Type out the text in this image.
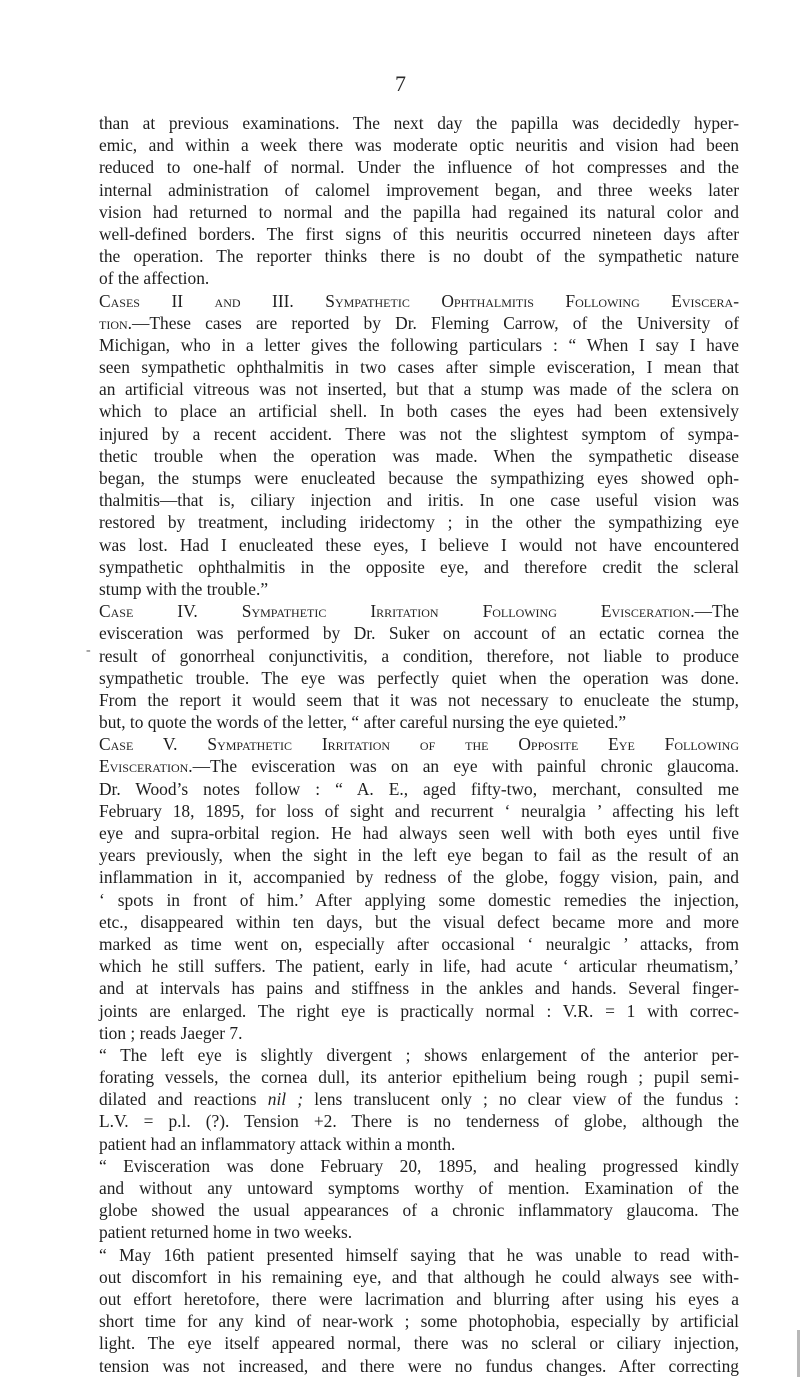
7
-
than at previous examinations. The next day the papilla was decidedly hyper-
emic, and within a week there was moderate optic neuritis and vision had been
reduced to one-half of normal. Under the influence of hot compresses and the
internal administration of calomel improvement began, and three weeks later
vision had returned to normal and the papilla had regained its natural color and
well-defined borders. The first signs of this neuritis occurred nineteen days after
the operation. The reporter thinks there is no doubt of the sympathetic nature
of the affection.
Cases II and III. Sympathetic Ophthalmitis Following Eviscera-
tion.—These cases are reported by Dr. Fleming Carrow, of the University of
Michigan, who in a letter gives the following particulars : “ When I say I have
seen sympathetic ophthalmitis in two cases after simple evisceration, I mean that
an artificial vitreous was not inserted, but that a stump was made of the sclera on
which to place an artificial shell. In both cases the eyes had been extensively
injured by a recent accident. There was not the slightest symptom of sympa-
thetic trouble when the operation was made. When the sympathetic disease
began, the stumps were enucleated because the sympathizing eyes showed oph-
thalmitis—that is, ciliary injection and iritis. In one case useful vision was
restored by treatment, including iridectomy ; in the other the sympathizing eye
was lost. Had I enucleated these eyes, I believe I would not have encountered
sympathetic ophthalmitis in the opposite eye, and therefore credit the scleral
stump with the trouble.”
Case IV. Sympathetic Irritation Following Evisceration.—The
evisceration was performed by Dr. Suker on account of an ectatic cornea the
result of gonorrheal conjunctivitis, a condition, therefore, not liable to produce
sympathetic trouble. The eye was perfectly quiet when the operation was done.
From the report it would seem that it was not necessary to enucleate the stump,
but, to quote the words of the letter, “ after careful nursing the eye quieted.”
Case V. Sympathetic Irritation of the Opposite Eye Following
Evisceration.—The evisceration was on an eye with painful chronic glaucoma.
Dr. Wood’s notes follow : “ A. E., aged fifty-two, merchant, consulted me
February 18, 1895, for loss of sight and recurrent ‘ neuralgia ’ affecting his left
eye and supra-orbital region. He had always seen well with both eyes until five
years previously, when the sight in the left eye began to fail as the result of an
inflammation in it, accompanied by redness of the globe, foggy vision, pain, and
‘ spots in front of him.’ After applying some domestic remedies the injection,
etc., disappeared within ten days, but the visual defect became more and more
marked as time went on, especially after occasional ‘ neuralgic ’ attacks, from
which he still suffers. The patient, early in life, had acute ‘ articular rheumatism,’
and at intervals has pains and stiffness in the ankles and hands. Several finger-
joints are enlarged. The right eye is practically normal : V.R. = 1 with correc-
tion ; reads Jaeger 7.
“ The left eye is slightly divergent ; shows enlargement of the anterior per-
forating vessels, the cornea dull, its anterior epithelium being rough ; pupil semi-
dilated and reactions nil ; lens translucent only ; no clear view of the fundus :
L.V. = p.l. (?). Tension +2. There is no tenderness of globe, although the
patient had an inflammatory attack within a month.
“ Evisceration was done February 20, 1895, and healing progressed kindly
and without any untoward symptoms worthy of mention. Examination of the
globe showed the usual appearances of a chronic inflammatory glaucoma. The
patient returned home in two weeks.
“ May 16th patient presented himself saying that he was unable to read with-
out discomfort in his remaining eye, and that although he could always see with-
out effort heretofore, there were lacrimation and blurring after using his eyes a
short time for any kind of near-work ; some photophobia, especially by artificial
light. The eye itself appeared normal, there was no scleral or ciliary injection,
tension was not increased, and there were no fundus changes. After correcting
